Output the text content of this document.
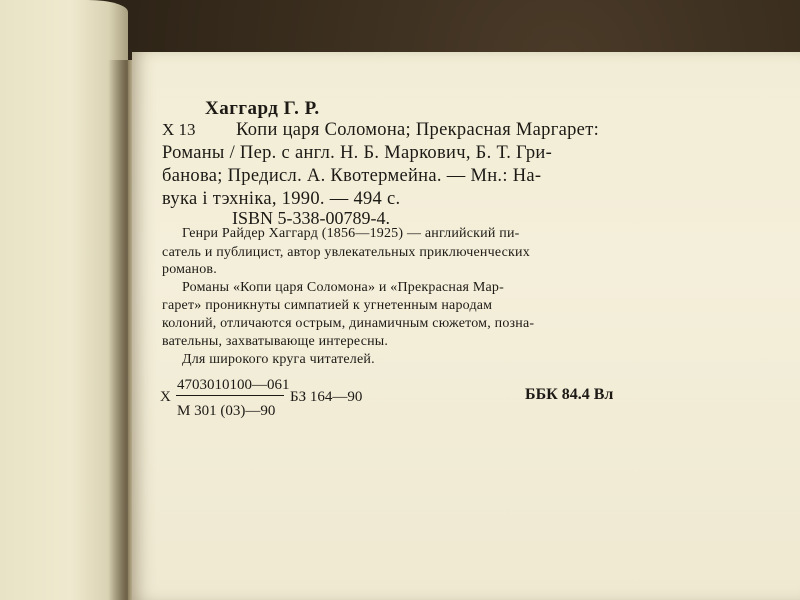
Хаггард Г. Р.
Х 13 Копи царя Соломона; Прекрасная Маргарет:
Романы / Пер. с англ. Н. Б. Маркович, Б. Т. Гри-
банова; Предисл. А. Квотермейна. — Мн.: На-
вука і тэхніка, 1990. — 494 с.
ISBN 5-338-00789-4.
Генри Райдер Хаггард (1856—1925) — английский пи-
сатель и публицист, автор увлекательных приключенческих
романов.
Романы «Копи царя Соломона» и «Прекрасная Мар-
гарет» проникнуты симпатией к угнетенным народам
колоний, отличаются острым, динамичным сюжетом, позна-
вательны, захватывающе интересны.
Для широкого круга читателей.
Х
4703010100—061
М 301 (03)—90
БЗ 164—90	ББК 84.4 Вл
